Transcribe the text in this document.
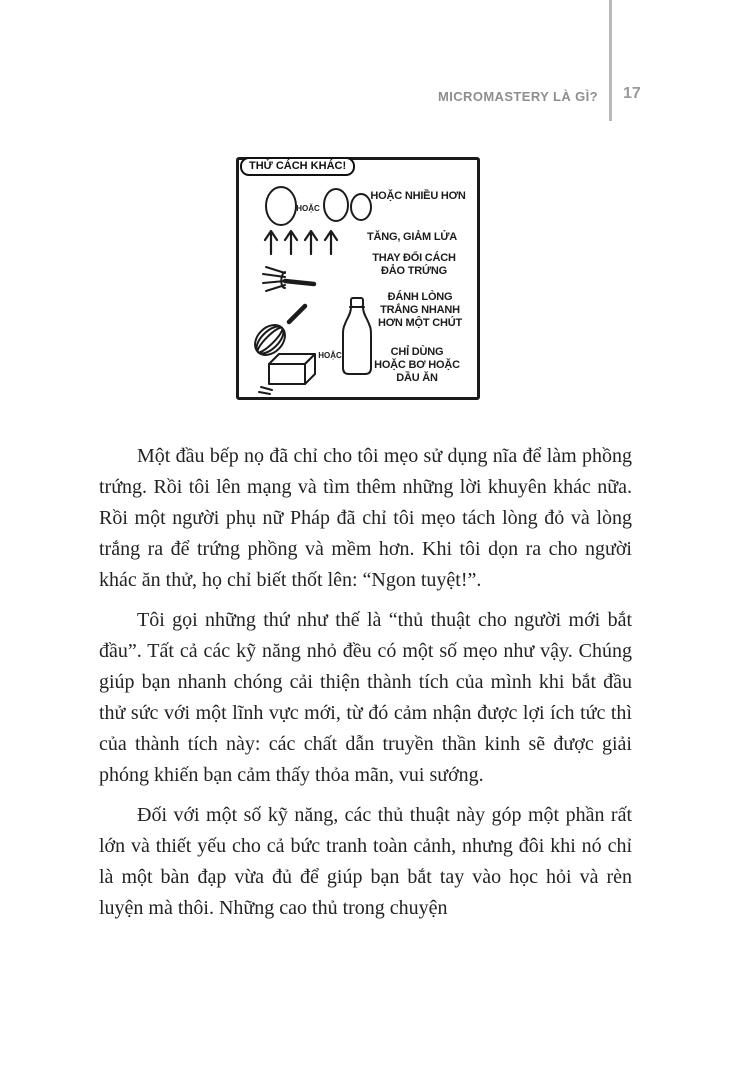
MICROMASTERY LÀ GÌ? 17
THỬ CÁCH KHÁC!
HOẶC
HOẶC NHIỀU HƠN
TĂNG, GIẢM LỬA
THAY ĐỔI CÁCH ĐẢO TRỨNG
ĐÁNH LÒNG TRẮNG NHANH HƠN MỘT CHÚT
HOẶC	CHỈ DÙNG HOẶC BƠ HOẶC DẦU ĂN

Một đầu bếp nọ đã chỉ cho tôi mẹo sử dụng nĩa để làm phồng trứng. Rồi tôi lên mạng và tìm thêm những lời khuyên khác nữa. Rồi một người phụ nữ Pháp đã chỉ tôi mẹo tách lòng đỏ và lòng trắng ra để trứng phồng và mềm hơn. Khi tôi dọn ra cho người khác ăn thử, họ chỉ biết thốt lên: “Ngon tuyệt!”.

Tôi gọi những thứ như thế là “thủ thuật cho người mới bắt đầu”. Tất cả các kỹ năng nhỏ đều có một số mẹo như vậy. Chúng giúp bạn nhanh chóng cải thiện thành tích của mình khi bắt đầu thử sức với một lĩnh vực mới, từ đó cảm nhận được lợi ích tức thì của thành tích này: các chất dẫn truyền thần kinh sẽ được giải phóng khiến bạn cảm thấy thỏa mãn, vui sướng.

Đối với một số kỹ năng, các thủ thuật này góp một phần rất lớn và thiết yếu cho cả bức tranh toàn cảnh, nhưng đôi khi nó chỉ là một bàn đạp vừa đủ để giúp bạn bắt tay vào học hỏi và rèn luyện mà thôi. Những cao thủ trong chuyện
